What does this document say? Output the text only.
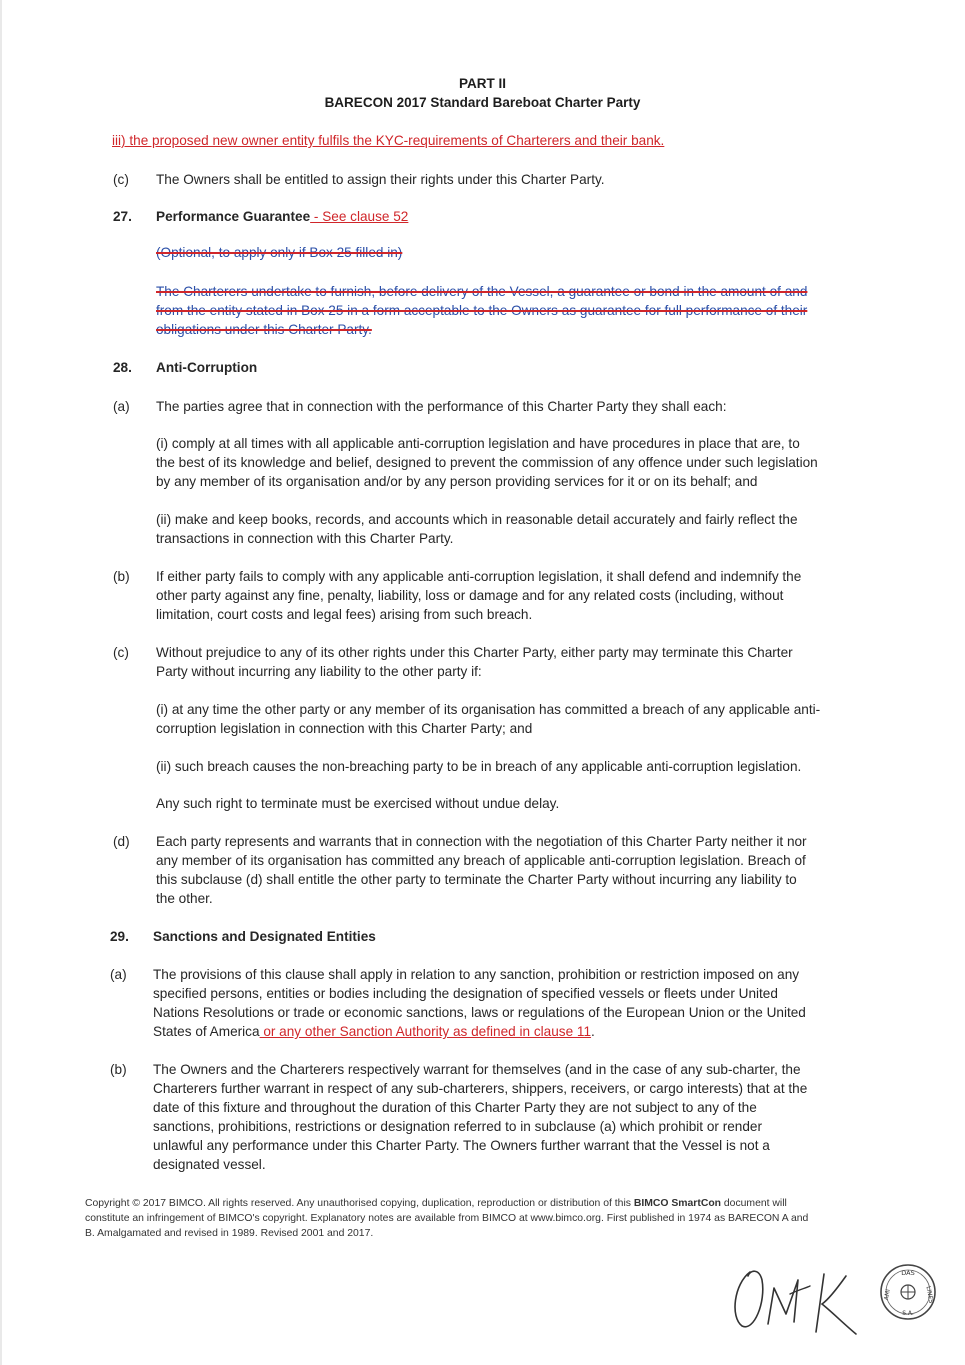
PART II
BARECON 2017 Standard Bareboat Charter Party
iii) the proposed new owner entity fulfils the KYC-requirements of Charterers and their bank.
(c) The Owners shall be entitled to assign their rights under this Charter Party.
27. Performance Guarantee - See clause 52
(Optional, to apply only if Box 25 filled in)
The Charterers undertake to furnish, before delivery of the Vessel, a guarantee or bond in the amount of and
from the entity stated in Box 25 in a form acceptable to the Owners as guarantee for full performance of their
obligations under this Charter Party.
28. Anti-Corruption
(a) The parties agree that in connection with the performance of this Charter Party they shall each:
(i) comply at all times with all applicable anti-corruption legislation and have procedures in place that are, to
the best of its knowledge and belief, designed to prevent the commission of any offence under such legislation
by any member of its organisation and/or by any person providing services for it or on its behalf; and
(ii) make and keep books, records, and accounts which in reasonable detail accurately and fairly reflect the
transactions in connection with this Charter Party.
(b) If either party fails to comply with any applicable anti-corruption legislation, it shall defend and indemnify the
other party against any fine, penalty, liability, loss or damage and for any related costs (including, without
limitation, court costs and legal fees) arising from such breach.
(c) Without prejudice to any of its other rights under this Charter Party, either party may terminate this Charter
Party without incurring any liability to the other party if:
(i) at any time the other party or any member of its organisation has committed a breach of any applicable anti-
corruption legislation in connection with this Charter Party; and
(ii) such breach causes the non-breaching party to be in breach of any applicable anti-corruption legislation.
Any such right to terminate must be exercised without undue delay.
(d) Each party represents and warrants that in connection with the negotiation of this Charter Party neither it nor
any member of its organisation has committed any breach of applicable anti-corruption legislation. Breach of
this subclause (d) shall entitle the other party to terminate the Charter Party without incurring any liability to
the other.
29. Sanctions and Designated Entities
(a) The provisions of this clause shall apply in relation to any sanction, prohibition or restriction imposed on any
specified persons, entities or bodies including the designation of specified vessels or fleets under United
Nations Resolutions or trade or economic sanctions, laws or regulations of the European Union or the United
States of America or any other Sanction Authority as defined in clause 11.
(b) The Owners and the Charterers respectively warrant for themselves (and in the case of any sub-charter, the
Charterers further warrant in respect of any sub-charterers, shippers, receivers, or cargo interests) that at the
date of this fixture and throughout the duration of this Charter Party they are not subject to any of the
sanctions, prohibitions, restrictions or designation referred to in subclause (a) which prohibit or render
unlawful any performance under this Charter Party. The Owners further warrant that the Vessel is not a
designated vessel.
Copyright © 2017 BIMCO. All rights reserved. Any unauthorised copying, duplication, reproduction or distribution of this BIMCO SmartCon document will
constitute an infringement of BIMCO's copyright. Explanatory notes are available from BIMCO at www.bimco.org. First published in 1974 as BARECON A and
B. Amalgamated and revised in 1989. Revised 2001 and 2017.
DAS
LINES
S.A.
AMI
